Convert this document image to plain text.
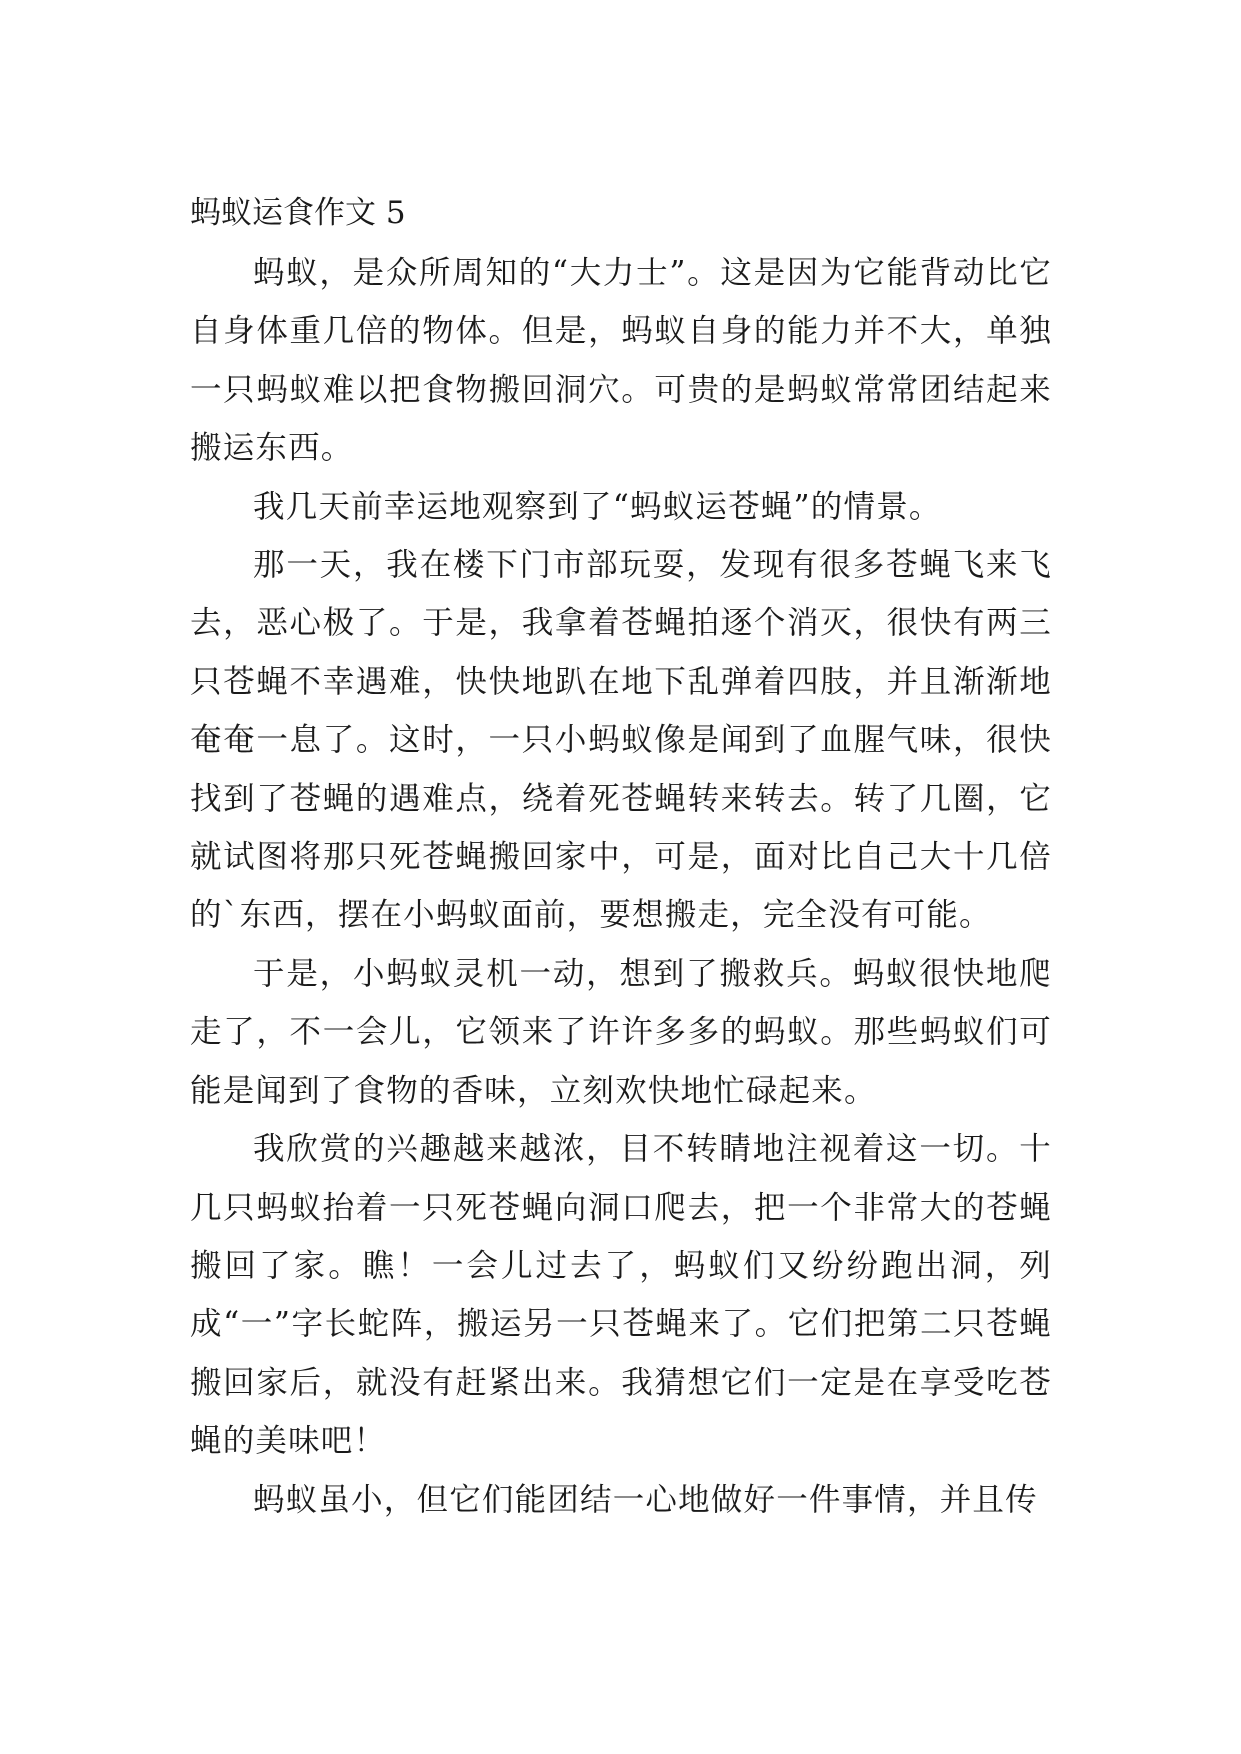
蚂蚁运食作文 5

蚂蚁，是众所周知的“大力士”。这是因为它能背动比它自身体重几倍的物体。但是，蚂蚁自身的能力并不大，单独一只蚂蚁难以把食物搬回洞穴。可贵的是蚂蚁常常团结起来搬运东西。

我几天前幸运地观察到了“蚂蚁运苍蝇”的情景。

那一天，我在楼下门市部玩耍，发现有很多苍蝇飞来飞去，恶心极了。于是，我拿着苍蝇拍逐个消灭，很快有两三只苍蝇不幸遇难，快快地趴在地下乱弹着四肢，并且渐渐地奄奄一息了。这时，一只小蚂蚁像是闻到了血腥气味，很快找到了苍蝇的遇难点，绕着死苍蝇转来转去。转了几圈，它就试图将那只死苍蝇搬回家中，可是，面对比自己大十几倍的`东西，摆在小蚂蚁面前，要想搬走，完全没有可能。

于是，小蚂蚁灵机一动，想到了搬救兵。蚂蚁很快地爬走了，不一会儿，它领来了许许多多的蚂蚁。那些蚂蚁们可能是闻到了食物的香味，立刻欢快地忙碌起来。

我欣赏的兴趣越来越浓，目不转睛地注视着这一切。十几只蚂蚁抬着一只死苍蝇向洞口爬去，把一个非常大的苍蝇搬回了家。瞧！一会儿过去了，蚂蚁们又纷纷跑出洞，列成“一”字长蛇阵，搬运另一只苍蝇来了。它们把第二只苍蝇搬回家后，就没有赶紧出来。我猜想它们一定是在享受吃苍蝇的美味吧！

蚂蚁虽小，但它们能团结一心地做好一件事情，并且传
